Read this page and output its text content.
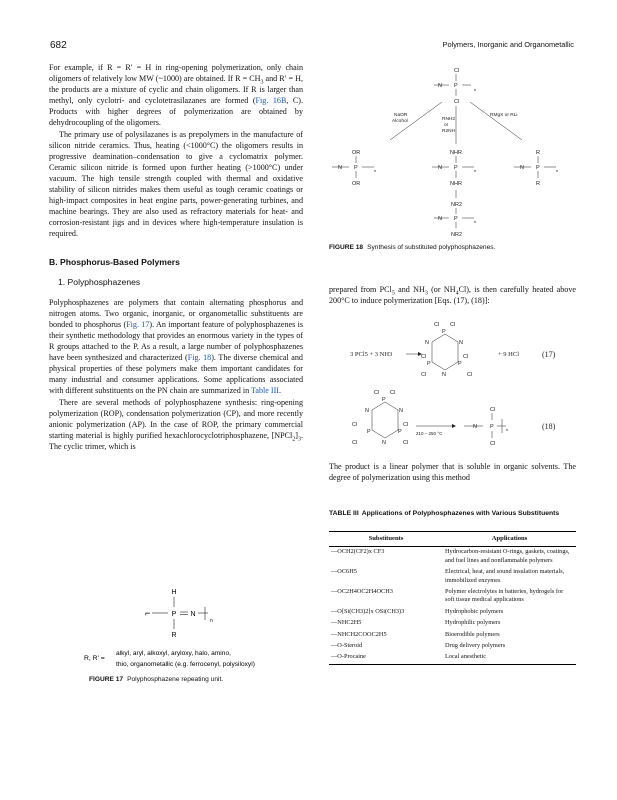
682	Polymers, Inorganic and Organometallic

For example, if R = R′ = H in ring-opening polymerization, only chain oligomers of relatively low MW (~1000) are obtained. If $R = CH_3$ and R′ = H, the products are a mixture of cyclic and chain oligomers. If R is larger than methyl, only cyclotri- and cyclotetrasilazanes are formed (Fig. 16B, C). Products with higher degrees of polymerization are obtained by dehydrocoupling of the oligomers.

The primary use of polysilazanes is as prepolymers in the manufacture of silicon nitride ceramics. Thus, heating (<1000°C) the oligomers results in progressive deamination–condensation to give a cyclomatrix polymer. Ceramic silicon nitride is formed upon further heating (>1000°C) under vacuum. The high tensile strength coupled with thermal and oxidative stability of silicon nitrides makes them useful as tough ceramic coatings or high-impact composites in heat engine parts, power-generating turbines, and machine bearings. They are also used as refractory materials for heat- and corrosion-resistant jigs and in devices where high-temperature insulation is required.

B. Phosphorus-Based Polymers
1. Polyphosphazenes

Polyphosphazenes are polymers that contain alternating phosphorus and nitrogen atoms. Two organic, inorganic, or organometallic substituents are bonded to phosphorus (Fig. 17). An important feature of polyphosphazenes is their synthetic methodology that provides an enormous variety in the types of R groups attached to the P. As a result, a large number of polyphosphazenes have been synthesized and characterized (Fig. 18). The diverse chemical and physical properties of these polymers make them important candidates for many industrial and consumer applications. Some applications associated with different substituents on the PN chain are summarized in Table III.

There are several methods of polyphosphazene synthesis: ring-opening polymerization (ROP), condensation polymerization (CP), and more recently anionic polymerization (AP). In the case of ROP, the primary commercial starting material is highly purified hexachlorocyclotriphosphazene, $[NPCl_2]_3$. The cyclic trimer, which is

H
⌐	P N
n
R
R, R′ =
alkyl, aryl, alkoxyl, aryloxy, halo, amino,
thio, organometallic (e.g. ferrocenyl, polysiloxyl)
FIGURE 17 Polyphosphazene repeating unit.
Cl
N P
n
Cl
NaOR
Alcohol	RNH2
or
R2NH
RMgX or RLi
OR
N P	n
OR
NHR
N P	n
NHR
R
N P	n
R
NR2
N P	n
NR2
FIGURE 18 Synthesis of substituted polyphosphazenes.

prepared from PCl$_5$ and $NH_3$ (or $NH_4Cl$), is then carefully heated above 200°C to induce polymerization [Eqs. (17), (18)]:

3 PCl5 + 3 NH3
P
Cl Cl
N	N
P	P
N
Cl
Cl
Cl
Cl
+ 9 HCl	(17)
P
Cl Cl
N	N
P	P
N
Cl
Cl
Cl
Cl
210 – 250 °C
Cl
N P	n
Cl
(18)

The product is a linear polymer that is soluble in organic solvents. The degree of polymerization using this method

TABLE III Applications of Polyphosphazenes with Various Substituents
Substituents	Applications
—OCH2(CF2)x CF3	Hydrocarbon-resistant O-rings, gaskets, coatings, and fuel lines and nonflammable polymers
—OC6H5	Electrical, heat, and sound insulation materials, immobilized enzymes
—OC2H4OC2H4OCH3	Polymer electrolytes in batteries, hydrogels for soft tissue medical applications
—O[Si(CH3)2]x OSi(CH3)3	Hydrophobic polymers
—NHC2H5	Hydrophilic polymers
—NHCH2COOC2H5	Bioerodible polymers
—O-Steroid	Drug delivery polymers
—O-Procaine	Local anesthetic
